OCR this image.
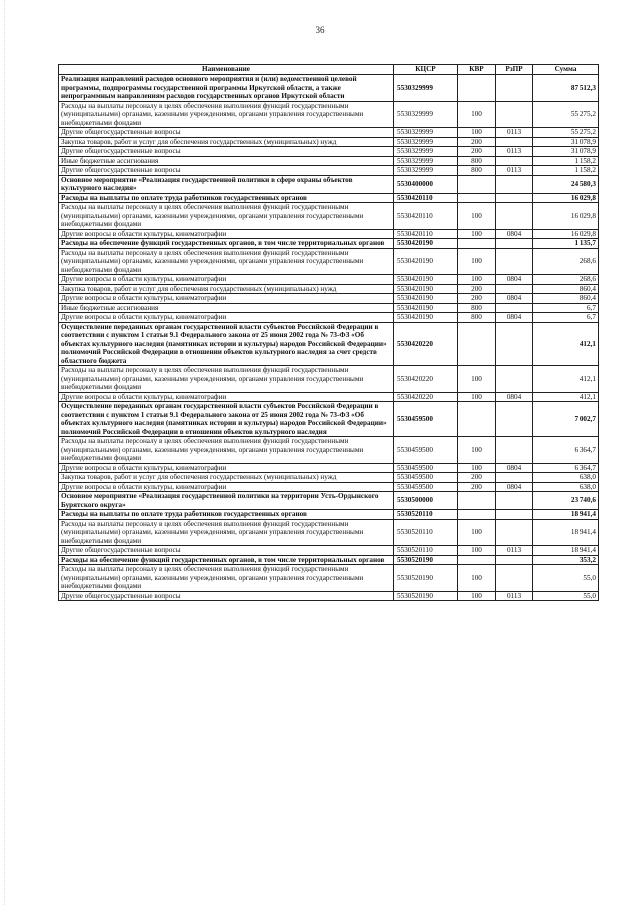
36
Наименование	КЦСР	КВР	РзПР	Сумма
Реализация направлений расходов основного мероприятия и (или) ведомственной целевой программы, подпрограммы государственной программы Иркутской области, а также непрограммным направлениям расходов государственных органов Иркутской области	5530329999			87 512,3
Расходы на выплаты персоналу в целях обеспечения выполнения функций государственными (муниципальными) органами, казенными учреждениями, органами управления государственными внебюджетными фондами	5530329999	100		55 275,2
Другие общегосударственные вопросы	5530329999	100	0113	55 275,2
Закупка товаров, работ и услуг для обеспечения государственных (муниципальных) нужд	5530329999	200		31 078,9
Другие общегосударственные вопросы	5530329999	200	0113	31 078,9
Иные бюджетные ассигнования	5530329999	800		1 158,2
Другие общегосударственные вопросы	5530329999	800	0113	1 158,2
Основное мероприятие «Реализация государственной политики в сфере охраны объектов культурного наследия»	5530400000			24 580,3
Расходы на выплаты по оплате труда работников государственных органов	5530420110			16 029,8
Расходы на выплаты персоналу в целях обеспечения выполнения функций государственными (муниципальными) органами, казенными учреждениями, органами управления государственными внебюджетными фондами	5530420110	100		16 029,8
Другие вопросы в области культуры, кинематографии	5530420110	100	0804	16 029,8
Расходы на обеспечение функций государственных органов, в том числе территориальных органов	5530420190			1 135,7
Расходы на выплаты персоналу в целях обеспечения выполнения функций государственными (муниципальными) органами, казенными учреждениями, органами управления государственными внебюджетными фондами	5530420190	100		268,6
Другие вопросы в области культуры, кинематографии	5530420190	100	0804	268,6
Закупка товаров, работ и услуг для обеспечения государственных (муниципальных) нужд	5530420190	200		860,4
Другие вопросы в области культуры, кинематографии	5530420190	200	0804	860,4
Иные бюджетные ассигнования	5530420190	800		6,7
Другие вопросы в области культуры, кинематографии	5530420190	800	0804	6,7
Осуществление переданных органам государственной власти субъектов Российской Федерации в соответствии с пунктом 1 статьи 9.1 Федерального закона от 25 июня 2002 года № 73-ФЗ «Об объектах культурного наследия (памятниках истории и культуры) народов Российской Федерации» полномочий Российской Федерации в отношении объектов культурного наследия за счет средств областного бюджета	5530420220			412,1
Расходы на выплаты персоналу в целях обеспечения выполнения функций государственными (муниципальными) органами, казенными учреждениями, органами управления государственными внебюджетными фондами	5530420220	100		412,1
Другие вопросы в области культуры, кинематографии	5530420220	100	0804	412,1
Осуществление переданных органам государственной власти субъектов Российской Федерации в соответствии с пунктом 1 статьи 9.1 Федерального закона от 25 июня 2002 года № 73-ФЗ «Об объектах культурного наследия (памятниках истории и культуры) народов Российской Федерации» полномочий Российской Федерации в отношении объектов культурного наследия	5530459500			7 002,7
Расходы на выплаты персоналу в целях обеспечения выполнения функций государственными (муниципальными) органами, казенными учреждениями, органами управления государственными внебюджетными фондами	5530459500	100		6 364,7
Другие вопросы в области культуры, кинематографии	5530459500	100	0804	6 364,7
Закупка товаров, работ и услуг для обеспечения государственных (муниципальных) нужд	5530459500	200		638,0
Другие вопросы в области культуры, кинематографии	5530459500	200	0804	638,0
Основное мероприятие «Реализация государственной политики на территории Усть-Ордынского Бурятского округа»	5530500000			23 740,6
Расходы на выплаты по оплате труда работников государственных органов	5530520110			18 941,4
Расходы на выплаты персоналу в целях обеспечения выполнения функций государственными (муниципальными) органами, казенными учреждениями, органами управления государственными внебюджетными фондами	5530520110	100		18 941,4
Другие общегосударственные вопросы	5530520110	100	0113	18 941,4
Расходы на обеспечение функций государственных органов, в том числе территориальных органов	5530520190			353,2
Расходы на выплаты персоналу в целях обеспечения выполнения функций государственными (муниципальными) органами, казенными учреждениями, органами управления государственными внебюджетными фондами	5530520190	100		55,0
Другие общегосударственные вопросы	5530520190	100	0113	55,0
